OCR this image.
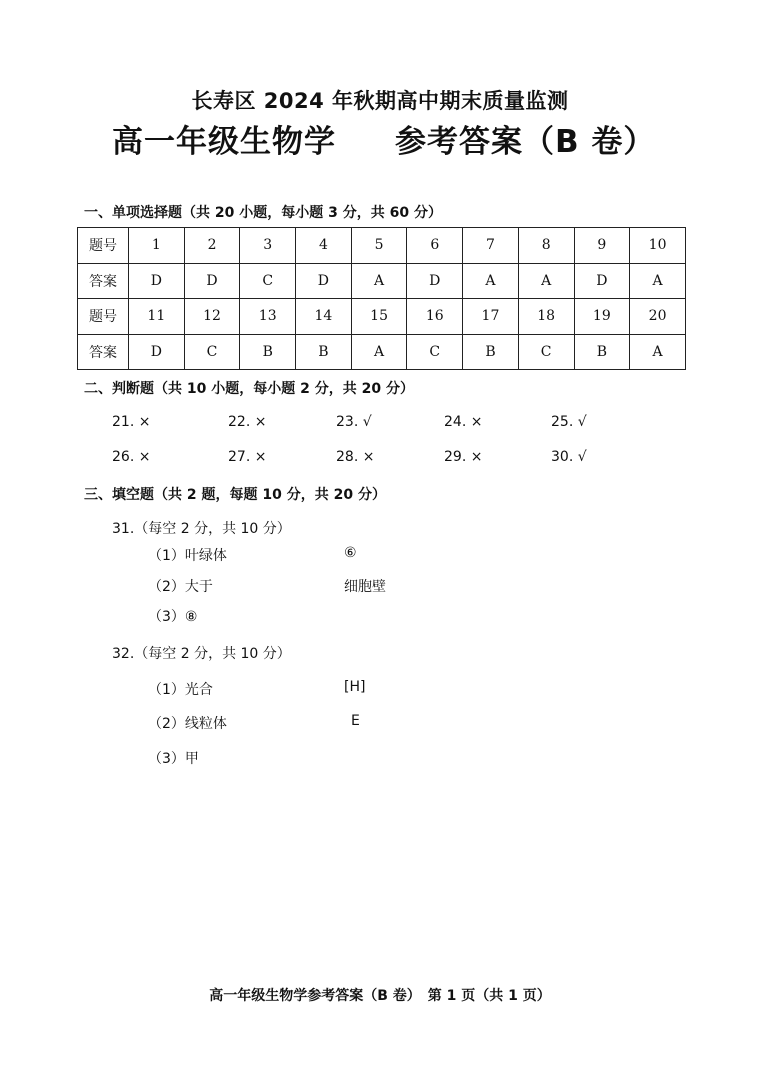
长寿区 2024 年秋期高中期末质量监测
高一年级生物学 参考答案（B 卷）
一、单项选择题（共 20 小题，每小题 3 分，共 60 分）
题号	1	2	3	4	5	6	7	8	9	10
答案	D	D	C	D	A	D	A	A	D	A
题号	11	12	13	14	15	16	17	18	19	20
答案	D	C	B	B	A	C	B	C	B	A
二、判断题（共 10 小题，每小题 2 分，共 20 分）
21. ×	22. ×	23. √	24. ×	25. √
26. ×	27. ×	28. ×	29. ×	30. √
三、填空题（共 2 题，每题 10 分，共 20 分）
31.（每空 2 分，共 10 分）
（1）叶绿体	⑥
（2）大于	细胞壁
（3）⑧
32.（每空 2 分，共 10 分）
（1）光合	[H]
（2）线粒体	E
（3）甲
高一年级生物学参考答案（B 卷）　第 1 页（共 1 页）
